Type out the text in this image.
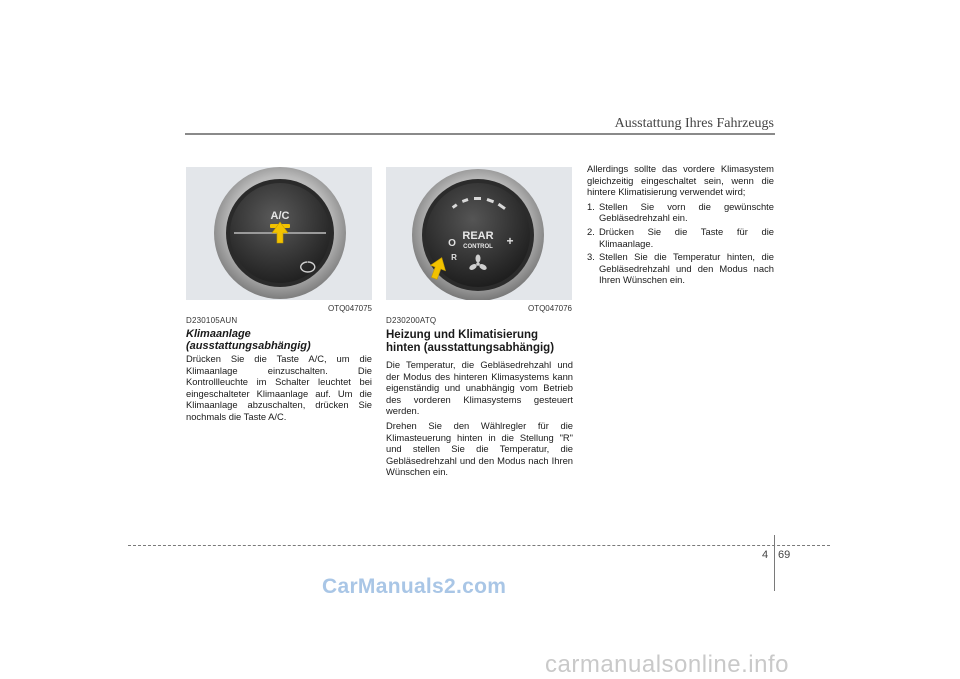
Ausstattung Ihres Fahrzeugs
A/C
OTQ047075
D230105AUN
Klimaanlage (ausstattungsabhängig)
Drücken Sie die Taste A/C, um die Klimaanlage einzuschalten. Die Kontrollleuchte im Schalter leuchtet bei eingeschalteter Klimaanlage auf. Um die Klimaanlage abzuschalten, drücken Sie nochmals die Taste A/C.
REAR
CONTROL
O
R
+
OTQ047076
D230200ATQ
Heizung und Klimatisierung
hinten (ausstattungsabhängig)
Die Temperatur, die Gebläsedrehzahl und der Modus des hinteren Klimasystems kann eigenständig und unabhängig vom Betrieb des vorderen Klimasystems gesteuert werden.
Drehen Sie den Wählregler für die Klimasteuerung hinten in die Stellung "R" und stellen Sie die Temperatur, die Gebläsedrehzahl und den Modus nach Ihren Wünschen ein.
Allerdings sollte das vordere Klimasystem gleichzeitig eingeschaltet sein, wenn die hintere Klimatisierung verwendet wird;
1. Stellen Sie vorn die gewünschte Gebläsedrehzahl ein.
2. Drücken Sie die Taste für die Klimaanlage.
3. Stellen Sie die Temperatur hinten, die Gebläsedrehzahl und den Modus nach Ihren Wünschen ein.
4 69
CarManuals2.com
carmanualsonline.info
